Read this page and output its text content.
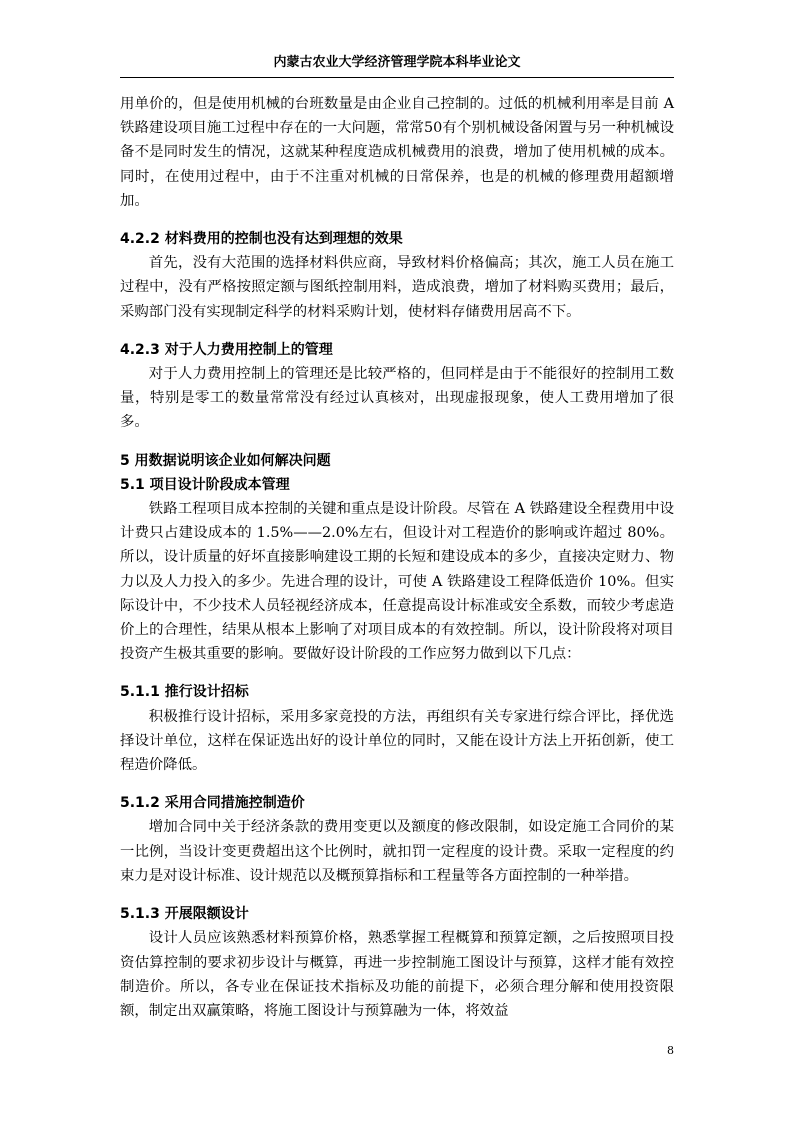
内蒙古农业大学经济管理学院本科毕业论文

用单价的，但是使用机械的台班数量是由企业自己控制的。过低的机械利用率是目前 A 铁路建设项目施工过程中存在的一大问题，常常50有个别机械设备闲置与另一种机械设备不是同时发生的情况，这就某种程度造成机械费用的浪费，增加了使用机械的成本。同时，在使用过程中，由于不注重对机械的日常保养，也是的机械的修理费用超额增加。

4.2.2 材料费用的控制也没有达到理想的效果

首先，没有大范围的选择材料供应商，导致材料价格偏高；其次，施工人员在施工过程中，没有严格按照定额与图纸控制用料，造成浪费，增加了材料购买费用；最后，采购部门没有实现制定科学的材料采购计划，使材料存储费用居高不下。

4.2.3 对于人力费用控制上的管理

对于人力费用控制上的管理还是比较严格的，但同样是由于不能很好的控制用工数量，特别是零工的数量常常没有经过认真核对，出现虚报现象，使人工费用增加了很多。

5 用数据说明该企业如何解决问题

5.1 项目设计阶段成本管理

铁路工程项目成本控制的关键和重点是设计阶段。尽管在 A 铁路建设全程费用中设计费只占建设成本的 1.5%——2.0%左右，但设计对工程造价的影响或许超过 80%。所以，设计质量的好坏直接影响建设工期的长短和建设成本的多少，直接决定财力、物力以及人力投入的多少。先进合理的设计，可使 A 铁路建设工程降低造价 10%。但实际设计中，不少技术人员轻视经济成本，任意提高设计标准或安全系数，而较少考虑造价上的合理性，结果从根本上影响了对项目成本的有效控制。所以，设计阶段将对项目投资产生极其重要的影响。要做好设计阶段的工作应努力做到以下几点：

5.1.1 推行设计招标

积极推行设计招标，采用多家竞投的方法，再组织有关专家进行综合评比，择优选择设计单位，这样在保证选出好的设计单位的同时，又能在设计方法上开拓创新，使工程造价降低。

5.1.2 采用合同措施控制造价

增加合同中关于经济条款的费用变更以及额度的修改限制，如设定施工合同价的某一比例，当设计变更费超出这个比例时，就扣罚一定程度的设计费。采取一定程度的约束力是对设计标准、设计规范以及概预算指标和工程量等各方面控制的一种举措。

5.1.3 开展限额设计

设计人员应该熟悉材料预算价格，熟悉掌握工程概算和预算定额，之后按照项目投资估算控制的要求初步设计与概算，再进一步控制施工图设计与预算，这样才能有效控制造价。所以，各专业在保证技术指标及功能的前提下，必须合理分解和使用投资限额，制定出双赢策略，将施工图设计与预算融为一体，将效益

8
